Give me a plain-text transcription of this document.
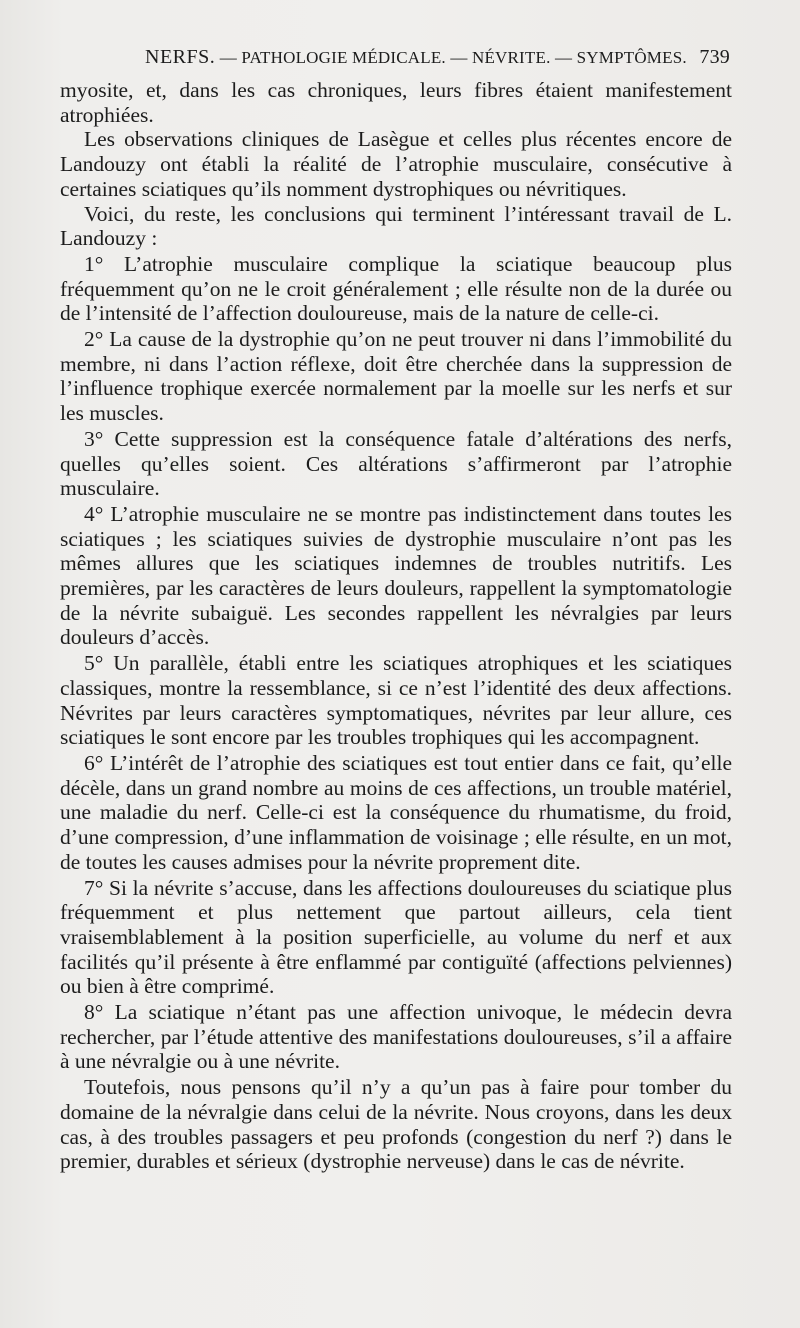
NERFS. — PATHOLOGIE MÉDICALE. — NÉVRITE. — SYMPTÔMES. 739

myosite, et, dans les cas chroniques, leurs fibres étaient manifestement atrophiées.

Les observations cliniques de Lasègue et celles plus récentes encore de Landouzy ont établi la réalité de l’atrophie musculaire, consécutive à certaines sciatiques qu’ils nomment dystrophiques ou névritiques.

Voici, du reste, les conclusions qui terminent l’intéressant travail de L. Landouzy :

1° L’atrophie musculaire complique la sciatique beaucoup plus fréquemment qu’on ne le croit généralement ; elle résulte non de la durée ou de l’intensité de l’affection douloureuse, mais de la nature de celle-ci.

2° La cause de la dystrophie qu’on ne peut trouver ni dans l’immobilité du membre, ni dans l’action réflexe, doit être cherchée dans la suppression de l’influence trophique exercée normalement par la moelle sur les nerfs et sur les muscles.

3° Cette suppression est la conséquence fatale d’altérations des nerfs, quelles qu’elles soient. Ces altérations s’affirmeront par l’atrophie musculaire.

4° L’atrophie musculaire ne se montre pas indistinctement dans toutes les sciatiques ; les sciatiques suivies de dystrophie musculaire n’ont pas les mêmes allures que les sciatiques indemnes de troubles nutritifs. Les premières, par les caractères de leurs douleurs, rappellent la symptomatologie de la névrite subaiguë. Les secondes rappellent les névralgies par leurs douleurs d’accès.

5° Un parallèle, établi entre les sciatiques atrophiques et les sciatiques classiques, montre la ressemblance, si ce n’est l’identité des deux affections. Névrites par leurs caractères symptomatiques, névrites par leur allure, ces sciatiques le sont encore par les troubles trophiques qui les accompagnent.

6° L’intérêt de l’atrophie des sciatiques est tout entier dans ce fait, qu’elle décèle, dans un grand nombre au moins de ces affections, un trouble matériel, une maladie du nerf. Celle-ci est la conséquence du rhumatisme, du froid, d’une compression, d’une inflammation de voisinage ; elle résulte, en un mot, de toutes les causes admises pour la névrite proprement dite.

7° Si la névrite s’accuse, dans les affections douloureuses du sciatique plus fréquemment et plus nettement que partout ailleurs, cela tient vraisemblablement à la position superficielle, au volume du nerf et aux facilités qu’il présente à être enflammé par contiguïté (affections pelviennes) ou bien à être comprimé.

8° La sciatique n’étant pas une affection univoque, le médecin devra rechercher, par l’étude attentive des manifestations douloureuses, s’il a affaire à une névralgie ou à une névrite.

Toutefois, nous pensons qu’il n’y a qu’un pas à faire pour tomber du domaine de la névralgie dans celui de la névrite. Nous croyons, dans les deux cas, à des troubles passagers et peu profonds (congestion du nerf ?) dans le premier, durables et sérieux (dystrophie nerveuse) dans le cas de névrite.
